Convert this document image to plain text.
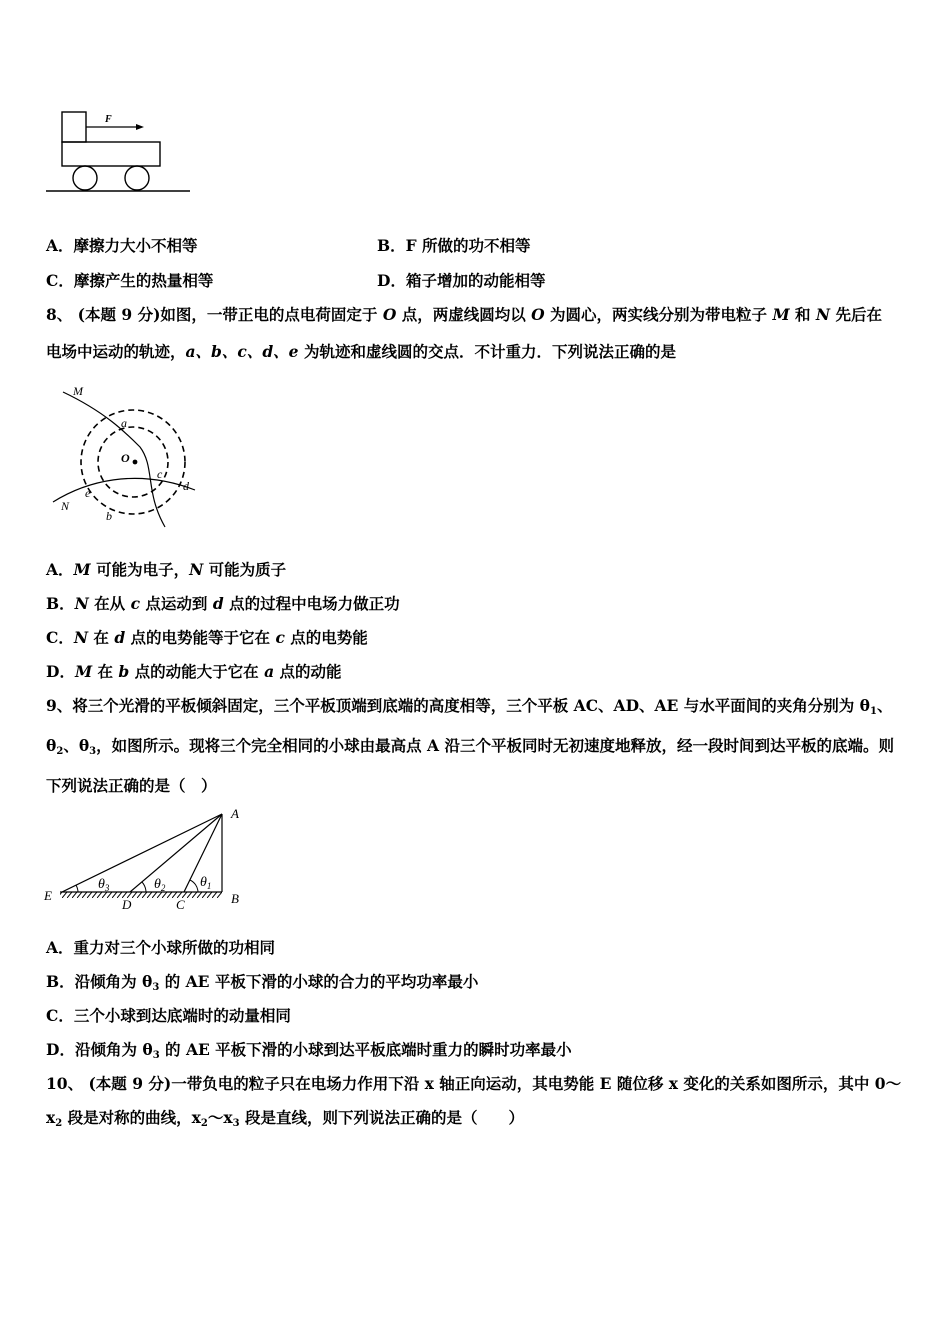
F
A．摩擦力大小不相等	B．F 所做的功不相等
C．摩擦产生的热量相等	D．箱子增加的动能相等
8、 (本题 9 分)如图，一带正电的点电荷固定于 O 点，两虚线圆均以 O 为圆心，两实线分别为带电粒子 M 和 N 先后在
电场中运动的轨迹，a、b、c、d、e 为轨迹和虚线圆的交点．不计重力．下列说法正确的是
O
M
N
a
b
c
d
e
A．M 可能为电子，N 可能为质子
B．N 在从 c 点运动到 d 点的过程中电场力做正功
C．N 在 d 点的电势能等于它在 c 点的电势能
D．M 在 b 点的动能大于它在 a 点的动能
9、将三个光滑的平板倾斜固定，三个平板顶端到底端的高度相等，三个平板 AC、AD、AE 与水平面间的夹角分别为 $\theta_1$、$\theta_2$、$\theta_3$，如图所示。现将三个完全相同的小球由最高点 A 沿三个平板同时无初速度地释放，经一段时间到达平板的底端。则下列说法正确的是（　）
A
B
C
D
E
$\theta_3$	$\theta_2$ $\theta_1$
A．重力对三个小球所做的功相同
B．沿倾角为 $\theta_3$ 的 AE 平板下滑的小球的合力的平均功率最小
C．三个小球到达底端时的动量相同
D．沿倾角为 $\theta_3$ 的 AE 平板下滑的小球到达平板底端时重力的瞬时功率最小
10、 (本题 9 分)一带负电的粒子只在电场力作用下沿 x 轴正向运动，其电势能 E 随位移 x 变化的关系如图所示，其中 $0\sim x_2$ 段是对称的曲线，$x_2\sim x_3$ 段是直线，则下列说法正确的是（　　）
